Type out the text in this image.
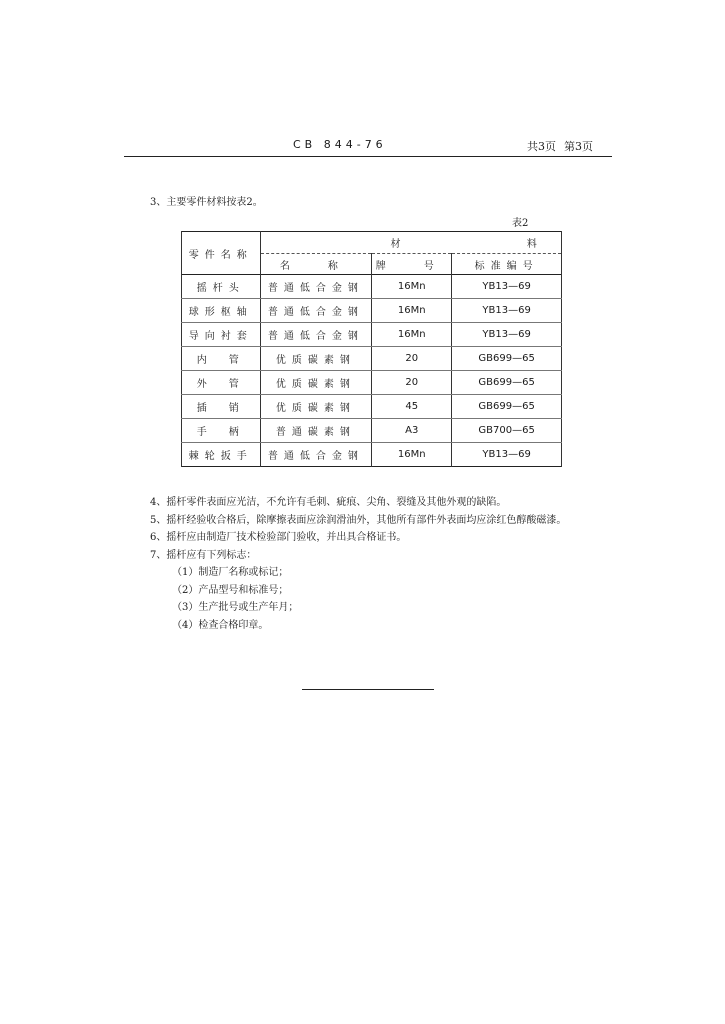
CB 844-76	共3页 第3页
3、主要零件材料按表2。
表2
零件名称	材 料		
	名　称	牌　号	标准编号
摇杆头	普通低合金钢	16Mn	YB13—69
球形枢轴	普通低合金钢	16Mn	YB13—69
导向衬套	普通低合金钢	16Mn	YB13—69
内　管	优质碳素钢	20	GB699—65
外　管	优质碳素钢	20	GB699—65
插　销	优质碳素钢	45	GB699—65
手　柄	普通碳素钢	A3	GB700—65
棘轮扳手	普通低合金钢	16Mn	YB13—69
4、摇杆零件表面应光洁，不允许有毛刺、疵痕、尖角、裂缝及其他外观的缺陷。
5、摇杆经验收合格后，除摩擦表面应涂润滑油外，其他所有部件外表面均应涂红色醇酸磁漆。
6、摇杆应由制造厂技术检验部门验收，并出具合格证书。
7、摇杆应有下列标志：
（1）制造厂名称或标记；
（2）产品型号和标准号；
（3）生产批号或生产年月；
（4）检查合格印章。
